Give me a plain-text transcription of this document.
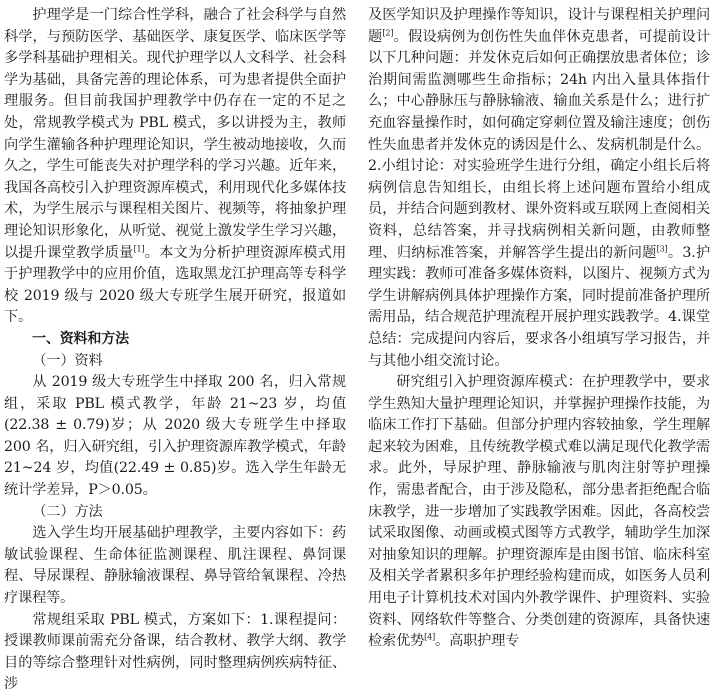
护理学是一门综合性学科，融合了社会科学与自然科学，与预防医学、基础医学、康复医学、临床医学等多学科基础护理相关。现代护理学以人文科学、社会科学为基础，具备完善的理论体系，可为患者提供全面护理服务。但目前我国护理教学中仍存在一定的不足之处，常规教学模式为 PBL 模式，多以讲授为主，教师向学生灌输各种护理理论知识，学生被动地接收，久而久之，学生可能丧失对护理学科的学习兴趣。近年来，我国各高校引入护理资源库模式，利用现代化多媒体技术，为学生展示与课程相关图片、视频等，将抽象护理理论知识形象化，从听觉、视觉上激发学生学习兴趣，以提升课堂教学质量[1]。本文为分析护理资源库模式用于护理教学中的应用价值，选取黑龙江护理高等专科学校 2019 级与 2020 级大专班学生展开研究，报道如下。

一、资料和方法

（一）资料

从 2019 级大专班学生中择取 200 名，归入常规组，采取 PBL 模式教学，年龄 21~23 岁，均值(22.38 ± 0.79)岁；从 2020 级大专班学生中择取 200 名，归入研究组，引入护理资源库教学模式，年龄 21~24 岁，均值(22.49 ± 0.85)岁。选入学生年龄无统计学差异，P＞0.05。

（二）方法

选入学生均开展基础护理教学，主要内容如下：药敏试验课程、生命体征监测课程、肌注课程、鼻饲课程、导尿课程、静脉输液课程、鼻导管给氧课程、冷热疗课程等。

常规组采取 PBL 模式，方案如下：1.课程提问：授课教师课前需充分备课，结合教材、教学大纲、教学目的等综合整理针对性病例，同时整理病例疾病特征、涉

及医学知识及护理操作等知识，设计与课程相关护理问题[2]。假设病例为创伤性失血伴休克患者，可提前设计以下几种问题：并发休克后如何正确摆放患者体位；诊治期间需监测哪些生命指标；24h 内出入量具体指什么；中心静脉压与静脉输液、输血关系是什么；进行扩充血容量操作时，如何确定穿刺位置及输注速度；创伤性失血患者并发休克的诱因是什么、发病机制是什么。2.小组讨论：对实验班学生进行分组，确定小组长后将病例信息告知组长，由组长将上述问题布置给小组成员，并结合问题到教材、课外资料或互联网上查阅相关资料，总结答案，并寻找病例相关新问题，由教师整理、归纳标准答案，并解答学生提出的新问题[3]。3.护理实践：教师可准备多媒体资料，以图片、视频方式为学生讲解病例具体护理操作方案，同时提前准备护理所需用品，结合规范护理流程开展护理实践教学。4.课堂总结：完成提问内容后，要求各小组填写学习报告，并与其他小组交流讨论。

研究组引入护理资源库模式：在护理教学中，要求学生熟知大量护理理论知识，并掌握护理操作技能，为临床工作打下基础。但部分护理内容较抽象，学生理解起来较为困难，且传统教学模式难以满足现代化教学需求。此外，导尿护理、静脉输液与肌肉注射等护理操作，需患者配合，由于涉及隐私，部分患者拒绝配合临床教学，进一步增加了实践教学困难。因此，各高校尝试采取图像、动画或模式图等方式教学，辅助学生加深对抽象知识的理解。护理资源库是由图书馆、临床科室及相关学者累积多年护理经验构建而成，如医务人员利用电子计算机技术对国内外教学课件、护理资料、实验资料、网络软件等整合、分类创建的资源库，具备快速检索优势[4]。高职护理专
